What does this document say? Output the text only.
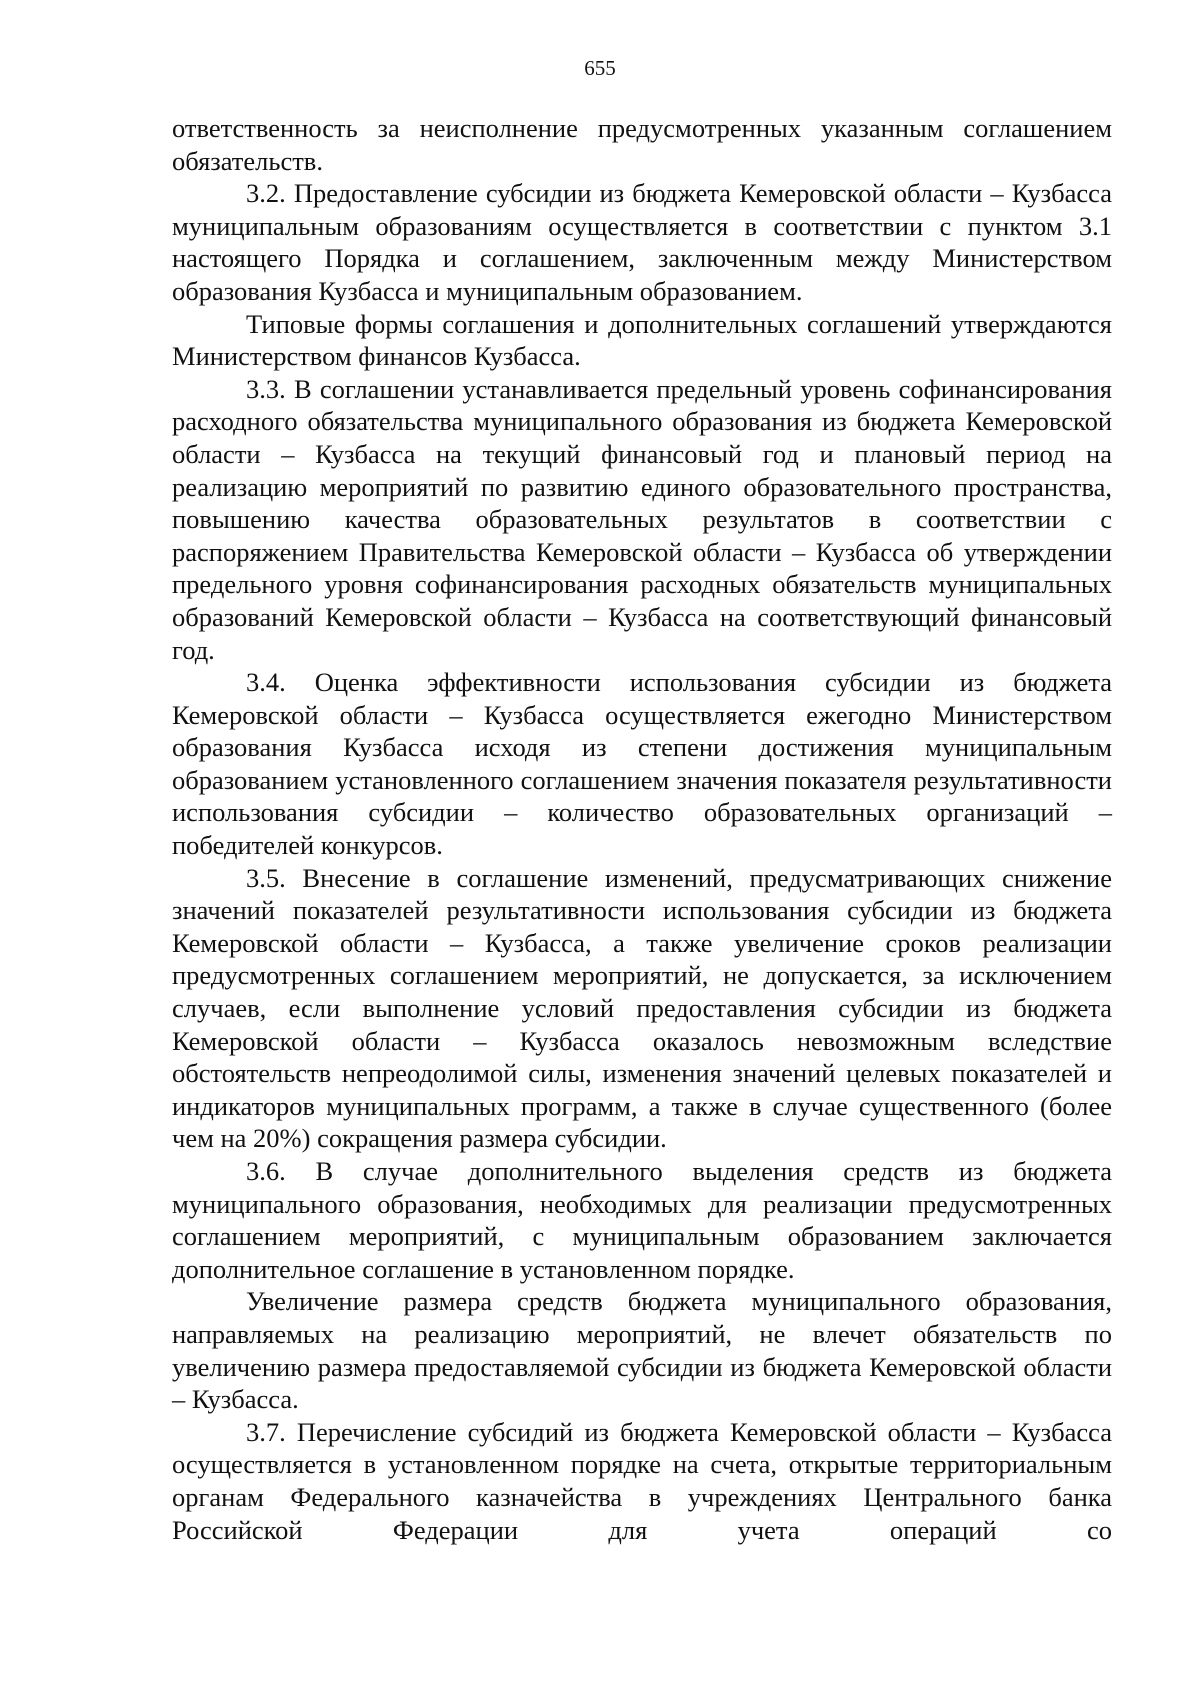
655

ответственность за неисполнение предусмотренных указанным соглашением обязательств.

3.2. Предоставление субсидии из бюджета Кемеровской области – Кузбасса муниципальным образованиям осуществляется в соответствии с пунктом 3.1 настоящего Порядка и соглашением, заключенным между Министерством образования Кузбасса и муниципальным образованием.

Типовые формы соглашения и дополнительных соглашений утверждаются Министерством финансов Кузбасса.

3.3. В соглашении устанавливается предельный уровень софинансирования расходного обязательства муниципального образования из бюджета Кемеровской области – Кузбасса на текущий финансовый год и плановый период на реализацию мероприятий по развитию единого образовательного пространства, повышению качества образовательных результатов в соответствии с распоряжением Правительства Кемеровской области – Кузбасса об утверждении предельного уровня софинансирования расходных обязательств муниципальных образований Кемеровской области – Кузбасса на соответствующий финансовый год.

3.4. Оценка эффективности использования субсидии из бюджета Кемеровской области – Кузбасса осуществляется ежегодно Министерством образования Кузбасса исходя из степени достижения муниципальным образованием установленного соглашением значения показателя результативности использования субсидии – количество образовательных организаций – победителей конкурсов.

3.5. Внесение в соглашение изменений, предусматривающих снижение значений показателей результативности использования субсидии из бюджета Кемеровской области – Кузбасса, а также увеличение сроков реализации предусмотренных соглашением мероприятий, не допускается, за исключением случаев, если выполнение условий предоставления субсидии из бюджета Кемеровской области – Кузбасса оказалось невозможным вследствие обстоятельств непреодолимой силы, изменения значений целевых показателей и индикаторов муниципальных программ, а также в случае существенного (более чем на 20%) сокращения размера субсидии.

3.6. В случае дополнительного выделения средств из бюджета муниципального образования, необходимых для реализации предусмотренных соглашением мероприятий, с муниципальным образованием заключается дополнительное соглашение в установленном порядке.

Увеличение размера средств бюджета муниципального образования, направляемых на реализацию мероприятий, не влечет обязательств по увеличению размера предоставляемой субсидии из бюджета Кемеровской области – Кузбасса.

3.7. Перечисление субсидий из бюджета Кемеровской области – Кузбасса осуществляется в установленном порядке на счета, открытые территориальным органам Федерального казначейства в учреждениях Центрального банка Российской Федерации для учета операций со
